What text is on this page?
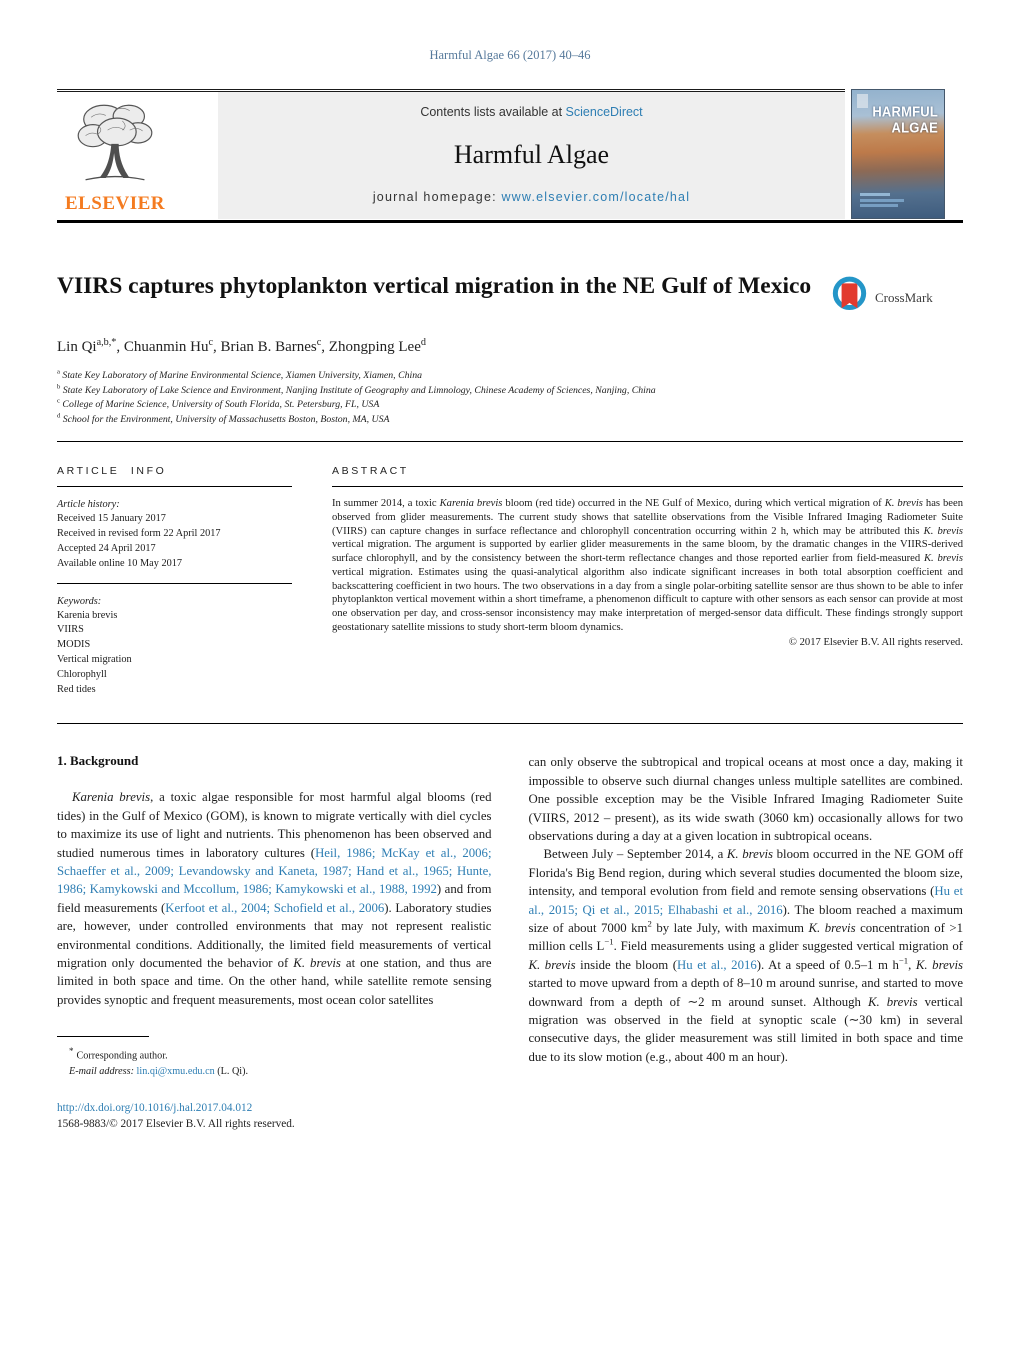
Harmful Algae 66 (2017) 40–46
ELSEVIER
Contents lists available at ScienceDirect
Harmful Algae
journal homepage: www.elsevier.com/locate/hal
HARMFUL
ALGAE
VIIRS captures phytoplankton vertical migration in the NE Gulf of Mexico	CrossMark
Lin $Qi^{a,b,*}$, Chuanmin Hu$^c$, Brian B. Barnes$^c$, Zhongping Lee$^d$
$^a$ State Key Laboratory of Marine Environmental Science, Xiamen University, Xiamen, China
$^b$ State Key Laboratory of Lake Science and Environment, Nanjing Institute of Geography and Limnology, Chinese Academy of Sciences, Nanjing, China
$^c$ College of Marine Science, University of South Florida, St. Petersburg, FL, USA
$^d$ School for the Environment, University of Massachusetts Boston, Boston, MA, USA
ARTICLE INFO
Article history:
Received 15 January 2017
Received in revised form 22 April 2017
Accepted 24 April 2017
Available online 10 May 2017
Keywords:
Karenia brevis
VIIRS
MODIS
Vertical migration
Chlorophyll
Red tides
ABSTRACT

In summer 2014, a toxic Karenia brevis bloom (red tide) occurred in the NE Gulf of Mexico, during which vertical migration of K. brevis has been observed from glider measurements. The current study shows that satellite observations from the Visible Infrared Imaging Radiometer Suite (VIIRS) can capture changes in surface reflectance and chlorophyll concentration occurring within 2 h, which may be attributed this K. brevis vertical migration. The argument is supported by earlier glider measurements in the same bloom, by the dramatic changes in the VIIRS-derived surface chlorophyll, and by the consistency between the short-term reflectance changes and those reported earlier from field-measured K. brevis vertical migration. Estimates using the quasi-analytical algorithm also indicate significant increases in both total absorption coefficient and backscattering coefficient in two hours. The two observations in a day from a single polar-orbiting satellite sensor are thus shown to be able to infer phytoplankton vertical movement within a short timeframe, a phenomenon difficult to capture with other sensors as each sensor can provide at most one observation per day, and cross-sensor inconsistency may make interpretation of merged-sensor data difficult. These findings strongly support geostationary satellite missions to study short-term bloom dynamics.

© 2017 Elsevier B.V. All rights reserved.
1. Background

Karenia brevis, a toxic algae responsible for most harmful algal blooms (red tides) in the Gulf of Mexico (GOM), is known to migrate vertically with diel cycles to maximize its use of light and nutrients. This phenomenon has been observed and studied numerous times in laboratory cultures (Heil, 1986; McKay et al., 2006; Schaeffer et al., 2009; Levandowsky and Kaneta, 1987; Hand et al., 1965; Hunte, 1986; Kamykowski and Mccollum, 1986; Kamykowski et al., 1988, 1992) and from field measurements (Kerfoot et al., 2004; Schofield et al., 2006). Laboratory studies are, however, under controlled environments that may not represent realistic environmental conditions. Additionally, the limited field measurements of vertical migration only documented the behavior of K. brevis at one station, and thus are limited in both space and time. On the other hand, while satellite remote sensing provides synoptic and frequent measurements, most ocean color satellites

* Corresponding author.
E-mail address: lin.qi@xmu.edu.cn (L. Qi).
http://dx.doi.org/10.1016/j.hal.2017.04.012
1568-9883/© 2017 Elsevier B.V. All rights reserved.

can only observe the subtropical and tropical oceans at most once a day, making it impossible to observe such diurnal changes unless multiple satellites are combined. One possible exception may be the Visible Infrared Imaging Radiometer Suite (VIIRS, 2012 – present), as its wide swath (3060 km) occasionally allows for two observations during a day at a given location in subtropical oceans.

Between July – September 2014, a K. brevis bloom occurred in the NE GOM off Florida's Big Bend region, during which several studies documented the bloom size, intensity, and temporal evolution from field and remote sensing observations (Hu et al., 2015; Qi et al., 2015; Elhabashi et al., 2016). The bloom reached a maximum size of about 7000 $km^2$ by late July, with maximum K. brevis concentration of >1 million cells $L^{-1}$. Field measurements using a glider suggested vertical migration of K. brevis inside the bloom (Hu et al., 2016). At a speed of 0.5–1 m $h^{-1}$, K. brevis started to move upward from a depth of 8–10 m around sunrise, and started to move downward from a depth of ∼2 m around sunset. Although K. brevis vertical migration was observed in the field at synoptic scale (∼30 km) in several consecutive days, the glider measurement was still limited in both space and time due to its slow motion (e.g., about 400 m an hour).
